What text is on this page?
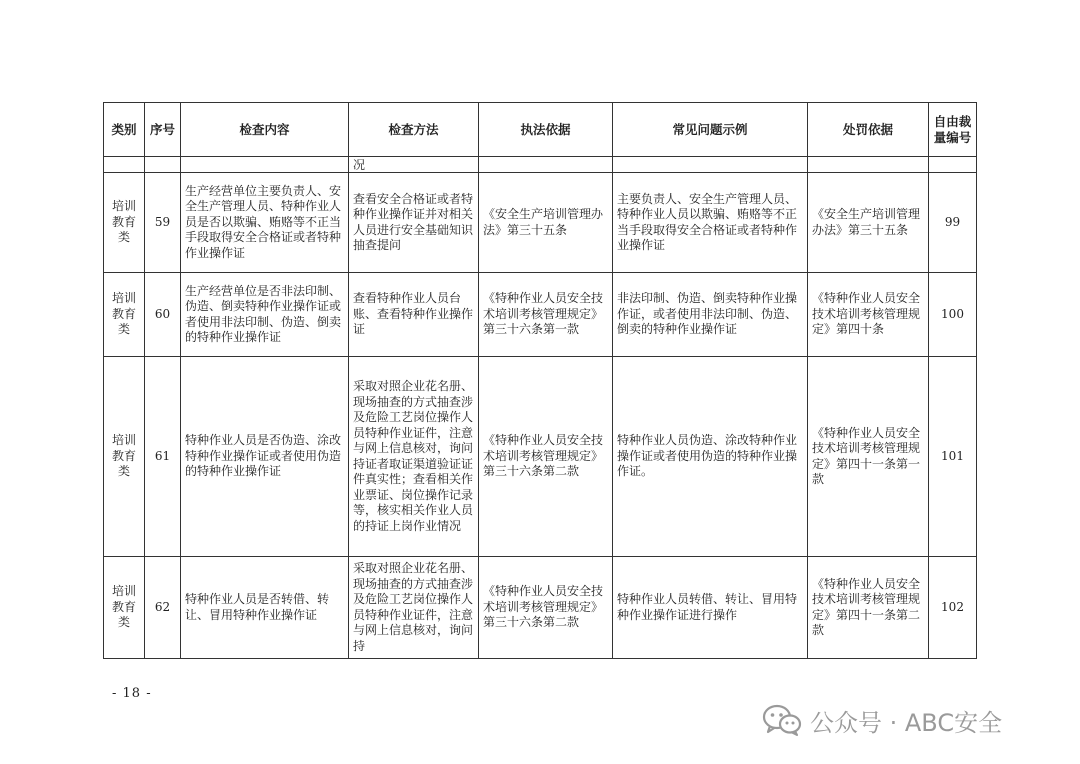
类别	序号	检查内容	检查方法	执法依据	常见问题示例	处罚依据	自由裁量编号
			况				
培训教育类	59	生产经营单位主要负责人、安全生产管理人员、特种作业人员是否以欺骗、贿赂等不正当手段取得安全合格证或者特种作业操作证	查看安全合格证或者特种作业操作证并对相关人员进行安全基础知识抽查提问	《安全生产培训管理办法》第三十五条	主要负责人、安全生产管理人员、特种作业人员以欺骗、贿赂等不正当手段取得安全合格证或者特种作业操作证	《安全生产培训管理办法》第三十五条	99
培训教育类	60	生产经营单位是否非法印制、伪造、倒卖特种作业操作证或者使用非法印制、伪造、倒卖的特种作业操作证	查看特种作业人员台账、查看特种作业操作证	《特种作业人员安全技术培训考核管理规定》第三十六条第一款	非法印制、伪造、倒卖特种作业操作证，或者使用非法印制、伪造、倒卖的特种作业操作证	《特种作业人员安全技术培训考核管理规定》第四十条	100
培训教育类	61	特种作业人员是否伪造、涂改特种作业操作证或者使用伪造的特种作业操作证	采取对照企业花名册、现场抽查的方式抽查涉及危险工艺岗位操作人员特种作业证件，注意与网上信息核对，询问持证者取证渠道验证证件真实性；查看相关作业票证、岗位操作记录等，核实相关作业人员的持证上岗作业情况	《特种作业人员安全技术培训考核管理规定》第三十六条第二款	特种作业人员伪造、涂改特种作业操作证或者使用伪造的特种作业操作证。	《特种作业人员安全技术培训考核管理规定》第四十一条第一款	101
培训教育类	62	特种作业人员是否转借、转让、冒用特种作业操作证	采取对照企业花名册、现场抽查的方式抽查涉及危险工艺岗位操作人员特种作业证件，注意与网上信息核对，询问持	《特种作业人员安全技术培训考核管理规定》第三十六条第二款	特种作业人员转借、转让、冒用特种作业操作证进行操作	《特种作业人员安全技术培训考核管理规定》第四十一条第二款	102
- 18 -
公众号 · ABC安全
